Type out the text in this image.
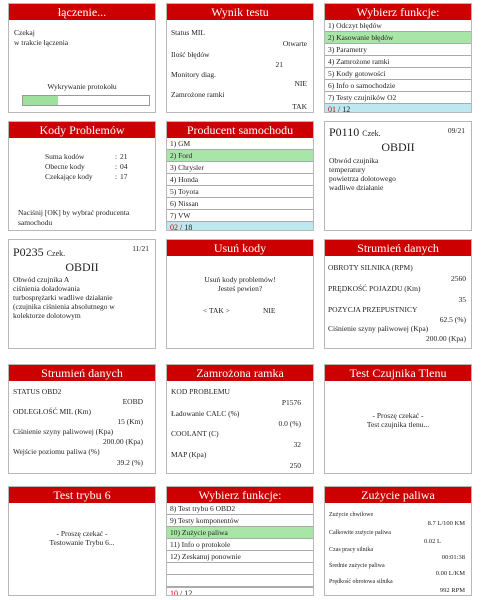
łączenie...
Czekaj
w trakcie łączenia
Wykrywanie protokołu
Wynik testu
Status MIL
Otwarte
Ilość błędów
21
Monitory diag.
NIE
Zamrożone ramki
TAK
Wybierz funkcje:
1) Odczyt błędów
2) Kasowanie błędów
3) Parametry
4) Zamrożone ramki
5) Kody gotowości
6) Info o samochodzie
7) Testy czujników O2
01 / 12
Kody Problemów
Suma kodów	: 21
Obecne kody	: 04
Czekające kody	: 17
Naciśnij [OK] by wybrać producenta
samochodu
Producent samochodu
1) GM
2) Ford
3) Chrysler
4) Honda
5) Toyota
6) Nissan
7) VW
02 / 18
P0110 Czek.	09/21
OBDII
Obwód czujnika
temperatury
powietrza dolotowego
wadliwe działanie
P0235 Czek.
11/21
OBDII
Obwód czujnika A
ciśnienia doładowania
turbosprężarki wadliwe działanie
(czujnika ciśnienia absolutnego w
kolektorze dolotowym
Usuń kody
Usuń kody problemów!
Jesteś pewien?
< TAK >	NIE
Strumień danych
OBROTY SILNIKA (RPM)
2560
PRĘDKOŚĆ POJAZDU (Km)
35
POZYCJA PRZEPUSTNICY
62.5 (%)
Ciśnienie szyny paliwowej (Kpa)
200.00 (Kpa)
Strumień danych
STATUS OBD2
EOBD
ODLEGŁOŚĆ MIL (Km)
15 (Km)
Ciśnienie szyny paliwowej (Kpa)
200.00 (Kpa)
Wejście poziomu paliwa (%)
39.2 (%)
Zamrożona ramka
KOD PROBLEMU
P1576
Ładowanie CALC (%)
0.0 (%)
COOLANT (C)
32
MAP (Kpa)
250
Test Czujnika Tlenu
- Proszę czekać -
Test czujnika tlenu...
Test trybu 6
- Proszę czekać -
Testowanie Trybu 6...
Wybierz funkcje:
8) Test trybu 6 OBD2
9) Testy komponentów
10) Zużycie paliwa
11) Info o protokole
12) Zeskanuj ponownie
10 / 12
Zużycie paliwa
Zużycie chwilowe
8.7 L/100 KM
Całkowite zużycie paliwa
0.02 L
Czas pracy silnika
00:01:38
Średnie zużycie paliwa
0.00 L/KM
Prędkość obrotowa silnika
992 RPM
